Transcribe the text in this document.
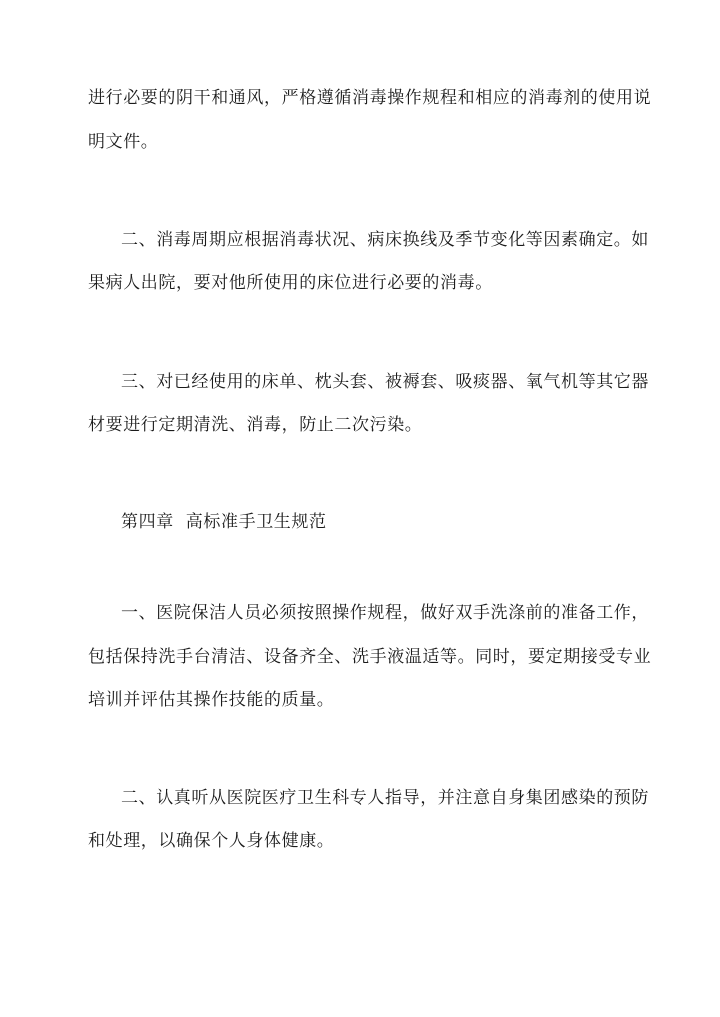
进行必要的阴干和通风，严格遵循消毒操作规程和相应的消毒剂的使用说
明文件。
二、消毒周期应根据消毒状况、病床换线及季节变化等因素确定。如
果病人出院，要对他所使用的床位进行必要的消毒。
三、对已经使用的床单、枕头套、被褥套、吸痰器、氧气机等其它器
材要进行定期清洗、消毒，防止二次污染。
第四章  高标准手卫生规范
一、医院保洁人员必须按照操作规程，做好双手洗涤前的准备工作，
包括保持洗手台清洁、设备齐全、洗手液温适等。同时，要定期接受专业
培训并评估其操作技能的质量。
二、认真听从医院医疗卫生科专人指导，并注意自身集团感染的预防
和处理，以确保个人身体健康。
